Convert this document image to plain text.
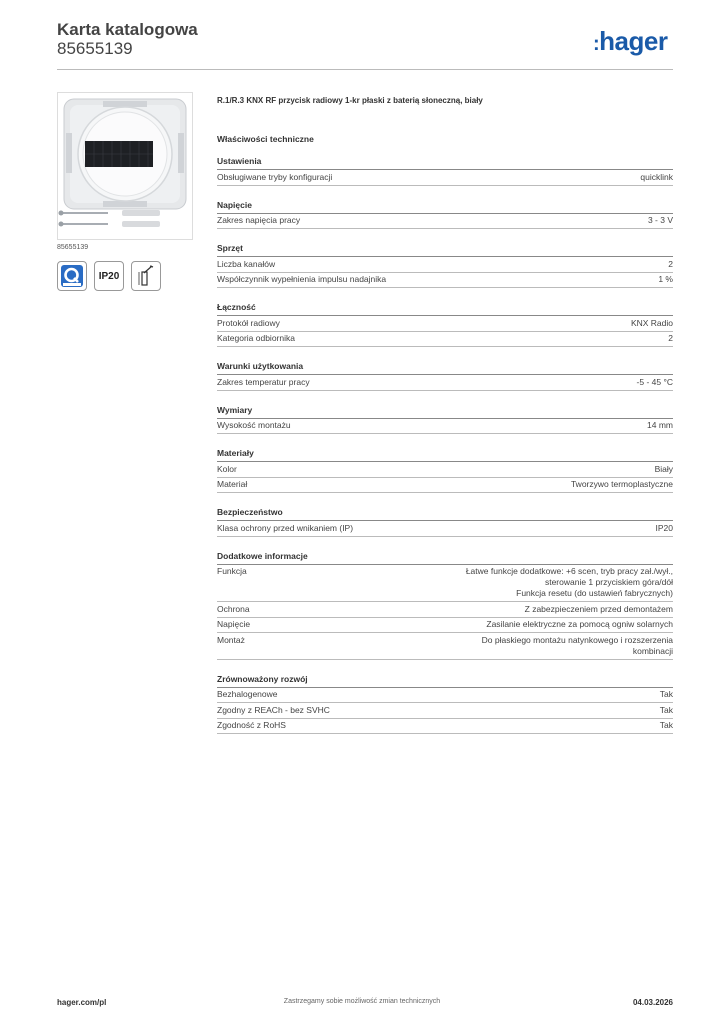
Karta katalogowa
85655139	:hager
85655139
IP20
R.1/R.3 KNX RF przycisk radiowy 1-kr płaski z baterią słoneczną, biały
Właściwości techniczne
Ustawienia
Obsługiwane tryby konfiguracji	quicklink
Napięcie
Zakres napięcia pracy	3 - 3 V
Sprzęt
Liczba kanałów	2
Współczynnik wypełnienia impulsu nadajnika	1 %
Łączność
Protokół radiowy	KNX Radio
Kategoria odbiornika	2
Warunki użytkowania
Zakres temperatur pracy	-5 - 45 °C
Wymiary
Wysokość montażu	14 mm
Materiały
Kolor	Biały
Materiał	Tworzywo termoplastyczne
Bezpieczeństwo
Klasa ochrony przed wnikaniem (IP)	IP20
Dodatkowe informacje
Funkcja	Łatwe funkcje dodatkowe: +6 scen, tryb pracy zał./wył.,
sterowanie 1 przyciskiem góra/dół
Funkcja resetu (do ustawień fabrycznych)
Ochrona	Z zabezpieczeniem przed demontażem
Napięcie	Zasilanie elektryczne za pomocą ogniw solarnych
Montaż	Do płaskiego montażu natynkowego i rozszerzenia
kombinacji
Zrównoważony rozwój
Bezhalogenowe	Tak
Zgodny z REACh - bez SVHC	Tak
Zgodność z RoHS	Tak
hager.com/pl	Zastrzegamy sobie możliwość zmian technicznych	04.03.2026
